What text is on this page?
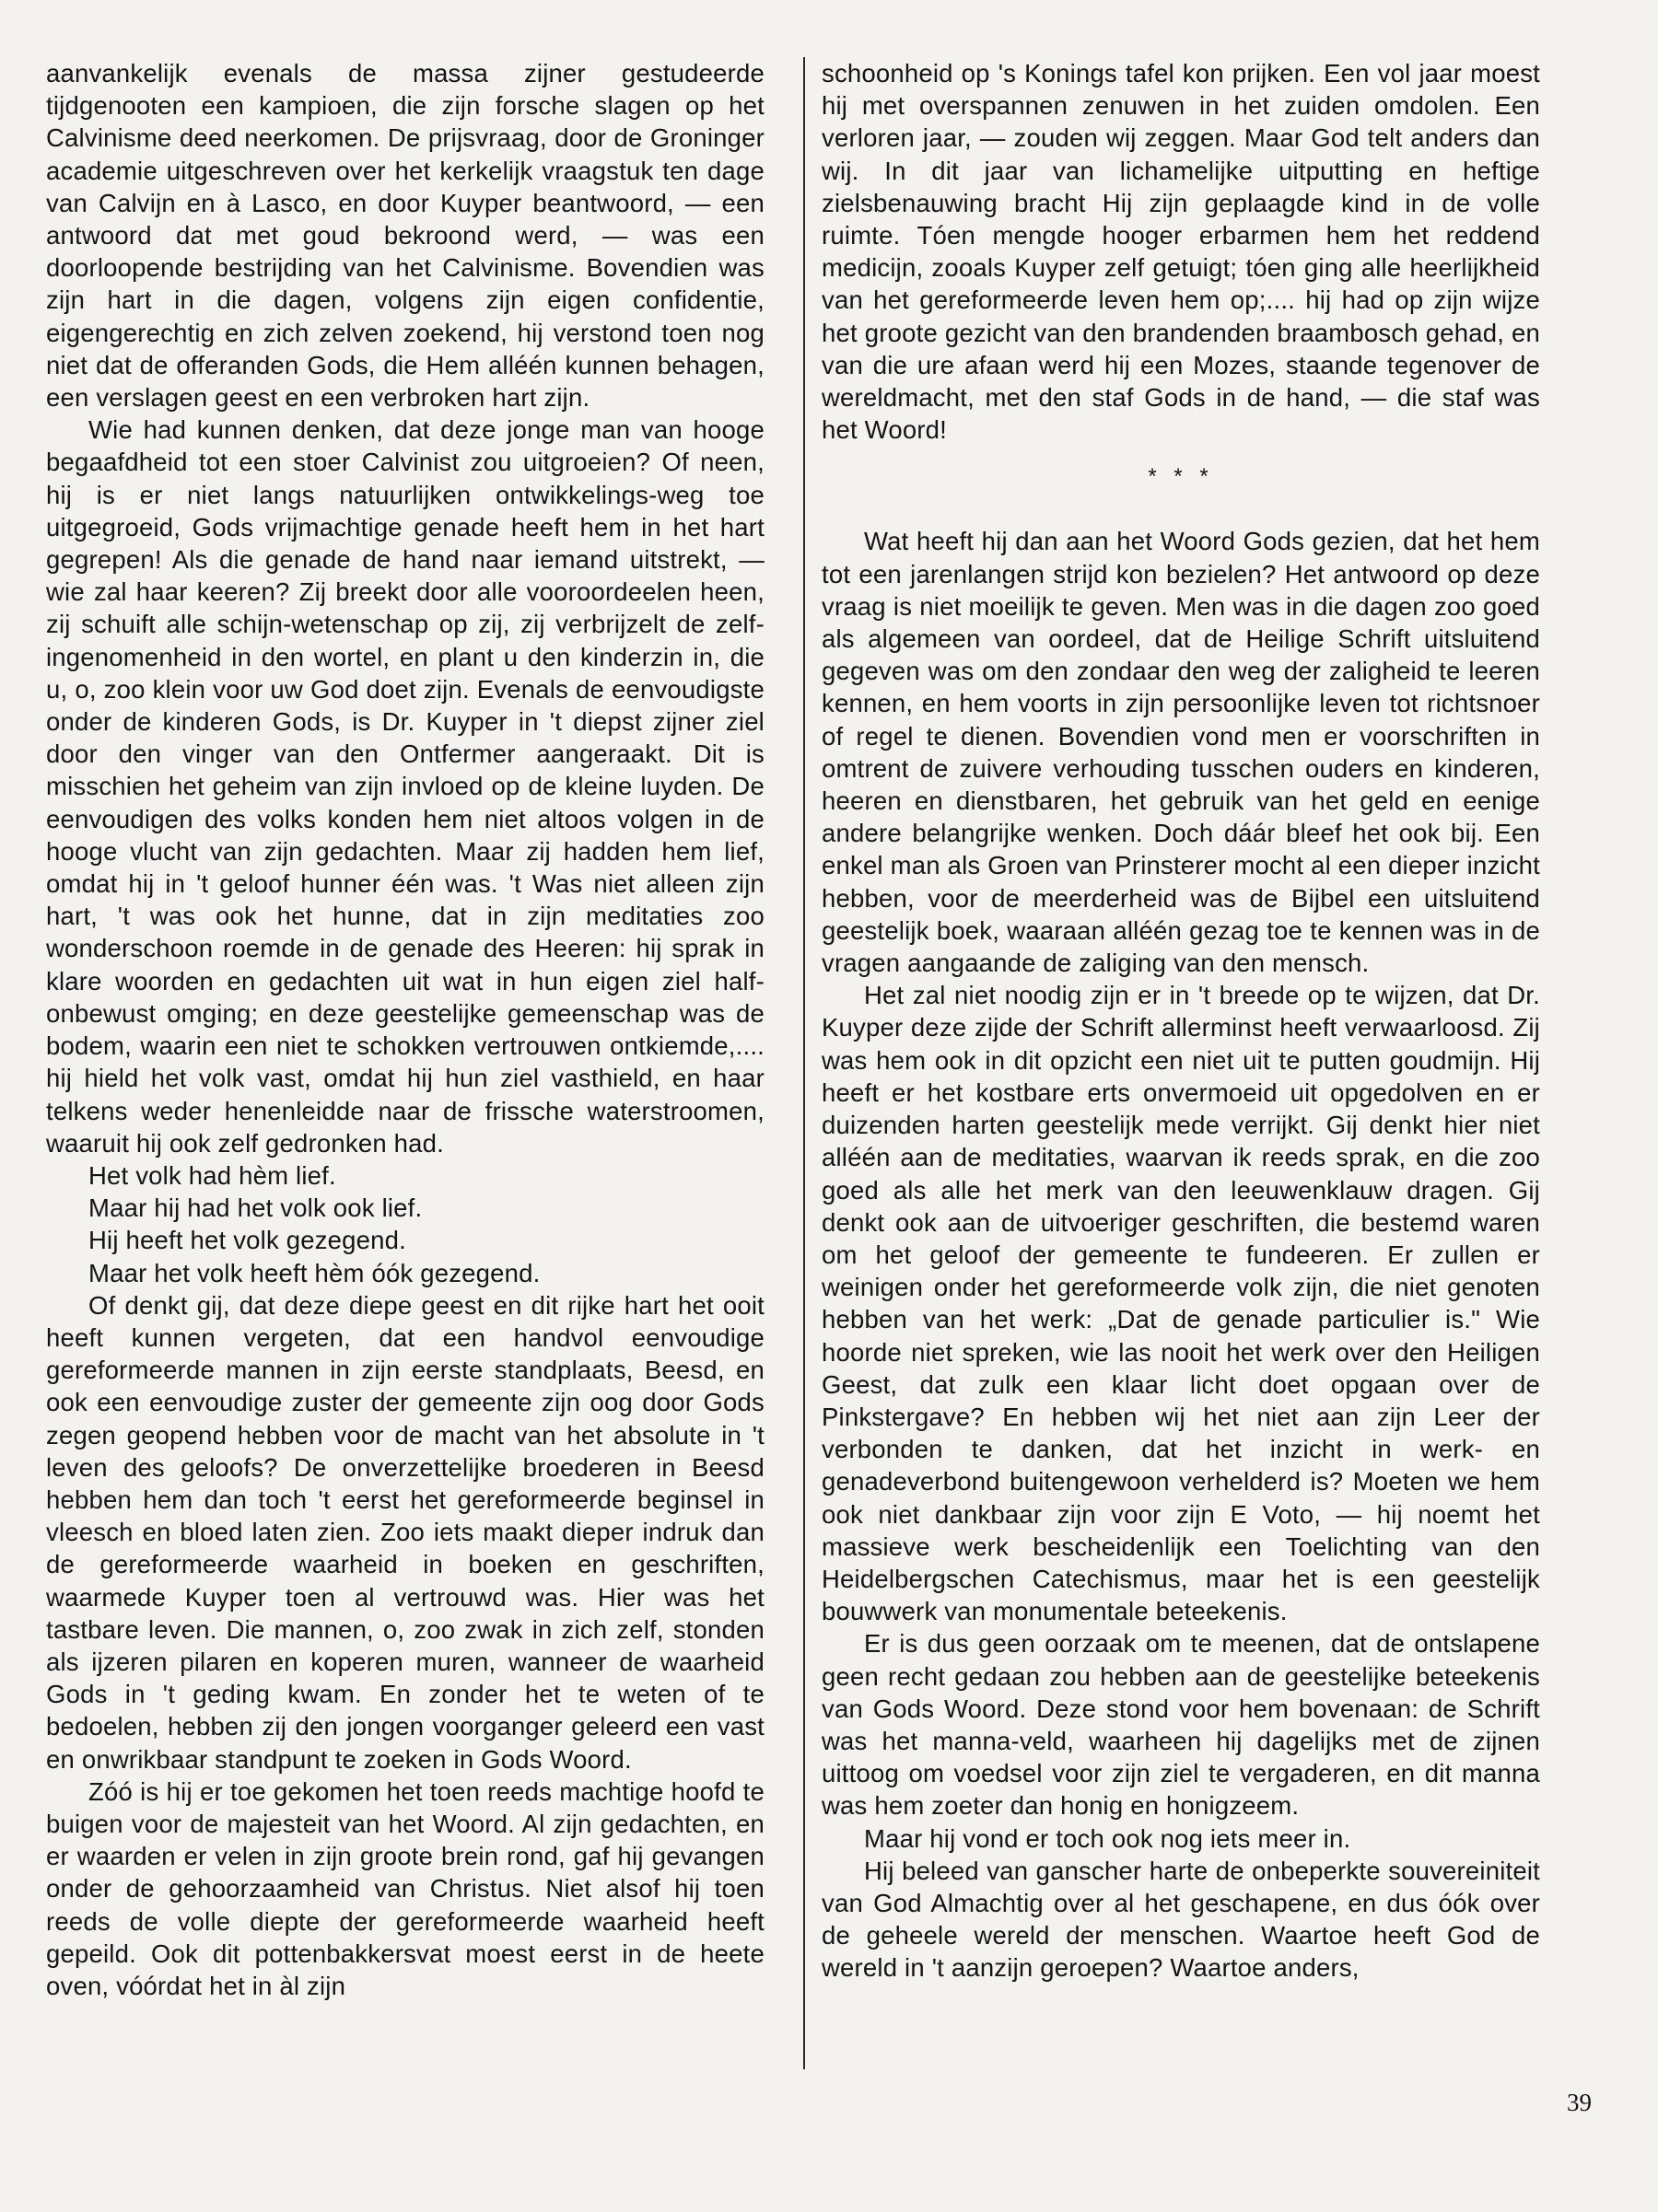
aanvankelijk evenals de massa zijner gestudeerde tijdgenooten een kampioen, die zijn forsche slagen op het Calvinisme deed neerkomen. De prijsvraag, door de Groninger academie uitgeschreven over het kerkelijk vraagstuk ten dage van Calvijn en à Lasco, en door Kuyper beantwoord, — een antwoord dat met goud bekroond werd, — was een doorloopende bestrijding van het Calvinisme. Bovendien was zijn hart in die dagen, volgens zijn eigen confidentie, eigengerechtig en zich zelven zoekend, hij verstond toen nog niet dat de offeranden Gods, die Hem alléén kunnen behagen, een verslagen geest en een verbroken hart zijn.

Wie had kunnen denken, dat deze jonge man van hooge begaafdheid tot een stoer Calvinist zou uitgroeien? Of neen, hij is er niet langs natuurlijken ontwikkelings-weg toe uitgegroeid, Gods vrijmachtige genade heeft hem in het hart gegrepen! Als die genade de hand naar iemand uitstrekt, — wie zal haar keeren? Zij breekt door alle vooroordeelen heen, zij schuift alle schijn-wetenschap op zij, zij verbrijzelt de zelf-ingenomenheid in den wortel, en plant u den kinderzin in, die u, o, zoo klein voor uw God doet zijn. Evenals de eenvoudigste onder de kinderen Gods, is Dr. Kuyper in 't diepst zijner ziel door den vinger van den Ontfermer aangeraakt. Dit is misschien het geheim van zijn invloed op de kleine luyden. De eenvoudigen des volks konden hem niet altoos volgen in de hooge vlucht van zijn gedachten. Maar zij hadden hem lief, omdat hij in 't geloof hunner één was. 't Was niet alleen zijn hart, 't was ook het hunne, dat in zijn meditaties zoo wonderschoon roemde in de genade des Heeren: hij sprak in klare woorden en gedachten uit wat in hun eigen ziel half-onbewust omging; en deze geestelijke gemeenschap was de bodem, waarin een niet te schokken vertrouwen ontkiemde,.... hij hield het volk vast, omdat hij hun ziel vasthield, en haar telkens weder henenleidde naar de frissche waterstroomen, waaruit hij ook zelf gedronken had.

Het volk had hèm lief.

Maar hij had het volk ook lief.

Hij heeft het volk gezegend.

Maar het volk heeft hèm óók gezegend.

Of denkt gij, dat deze diepe geest en dit rijke hart het ooit heeft kunnen vergeten, dat een handvol eenvoudige gereformeerde mannen in zijn eerste standplaats, Beesd, en ook een eenvoudige zuster der gemeente zijn oog door Gods zegen geopend hebben voor de macht van het absolute in 't leven des geloofs? De onverzettelijke broederen in Beesd hebben hem dan toch 't eerst het gereformeerde beginsel in vleesch en bloed laten zien. Zoo iets maakt dieper indruk dan de gereformeerde waarheid in boeken en geschriften, waarmede Kuyper toen al vertrouwd was. Hier was het tastbare leven. Die mannen, o, zoo zwak in zich zelf, stonden als ijzeren pilaren en koperen muren, wanneer de waarheid Gods in 't geding kwam. En zonder het te weten of te bedoelen, hebben zij den jongen voorganger geleerd een vast en onwrikbaar standpunt te zoeken in Gods Woord.

Zóó is hij er toe gekomen het toen reeds machtige hoofd te buigen voor de majesteit van het Woord. Al zijn gedachten, en er waarden er velen in zijn groote brein rond, gaf hij gevangen onder de gehoorzaamheid van Christus. Niet alsof hij toen reeds de volle diepte der gereformeerde waarheid heeft gepeild. Ook dit pottenbakkersvat moest eerst in de heete oven, vóórdat het in àl zijn

schoonheid op 's Konings tafel kon prijken. Een vol jaar moest hij met overspannen zenuwen in het zuiden omdolen. Een verloren jaar, — zouden wij zeggen. Maar God telt anders dan wij. In dit jaar van lichamelijke uitputting en heftige zielsbenauwing bracht Hij zijn geplaagde kind in de volle ruimte. Tóen mengde hooger erbarmen hem het reddend medicijn, zooals Kuyper zelf getuigt; tóen ging alle heerlijkheid van het gereformeerde leven hem op;.... hij had op zijn wijze het groote gezicht van den brandenden braambosch gehad, en van die ure afaan werd hij een Mozes, staande tegenover de wereldmacht, met den staf Gods in de hand, — die staf was het Woord!

* * *

Wat heeft hij dan aan het Woord Gods gezien, dat het hem tot een jarenlangen strijd kon bezielen? Het antwoord op deze vraag is niet moeilijk te geven. Men was in die dagen zoo goed als algemeen van oordeel, dat de Heilige Schrift uitsluitend gegeven was om den zondaar den weg der zaligheid te leeren kennen, en hem voorts in zijn persoonlijke leven tot richtsnoer of regel te dienen. Bovendien vond men er voorschriften in omtrent de zuivere verhouding tusschen ouders en kinderen, heeren en dienstbaren, het gebruik van het geld en eenige andere belangrijke wenken. Doch dáár bleef het ook bij. Een enkel man als Groen van Prinsterer mocht al een dieper inzicht hebben, voor de meerderheid was de Bijbel een uitsluitend geestelijk boek, waaraan alléén gezag toe te kennen was in de vragen aangaande de zaliging van den mensch.

Het zal niet noodig zijn er in 't breede op te wijzen, dat Dr. Kuyper deze zijde der Schrift allerminst heeft verwaarloosd. Zij was hem ook in dit opzicht een niet uit te putten goudmijn. Hij heeft er het kostbare erts onvermoeid uit opgedolven en er duizenden harten geestelijk mede verrijkt. Gij denkt hier niet alléén aan de meditaties, waarvan ik reeds sprak, en die zoo goed als alle het merk van den leeuwenklauw dragen. Gij denkt ook aan de uitvoeriger geschriften, die bestemd waren om het geloof der gemeente te fundeeren. Er zullen er weinigen onder het gereformeerde volk zijn, die niet genoten hebben van het werk: „Dat de genade particulier is." Wie hoorde niet spreken, wie las nooit het werk over den Heiligen Geest, dat zulk een klaar licht doet opgaan over de Pinkstergave? En hebben wij het niet aan zijn Leer der verbonden te danken, dat het inzicht in werk- en genadeverbond buitengewoon verhelderd is? Moeten we hem ook niet dankbaar zijn voor zijn E Voto, — hij noemt het massieve werk bescheidenlijk een Toelichting van den Heidelbergschen Catechismus, maar het is een geestelijk bouwwerk van monumentale beteekenis.

Er is dus geen oorzaak om te meenen, dat de ontslapene geen recht gedaan zou hebben aan de geestelijke beteekenis van Gods Woord. Deze stond voor hem bovenaan: de Schrift was het manna-veld, waarheen hij dagelijks met de zijnen uittoog om voedsel voor zijn ziel te vergaderen, en dit manna was hem zoeter dan honig en honigzeem.

Maar hij vond er toch ook nog iets meer in.

Hij beleed van ganscher harte de onbeperkte souvereiniteit van God Almachtig over al het geschapene, en dus óók over de geheele wereld der menschen. Waartoe heeft God de wereld in 't aanzijn geroepen? Waartoe anders,

39
